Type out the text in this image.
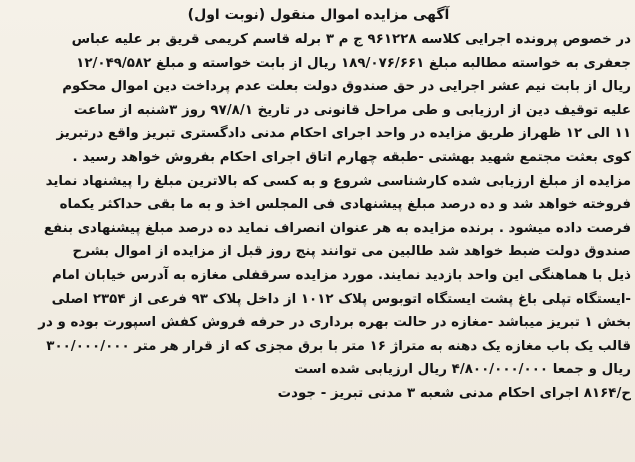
آگهی مزایده اموال منقول (نوبت اول)
در خصوص پرونده اجرایی کلاسه ۹۶۱۲۲۸ ج م ۳ برله قاسم کریمی قریق بر علیه عباس
جعفری به خواسته مطالبه مبلغ ۱۸۹/۰۷۶/۶۶۱ ریال از بابت خواسته و مبلغ ۱۲/۰۴۹/۵۸۲
ریال از بابت نیم عشر اجرایی در حق صندوق دولت بعلت عدم پرداخت دین اموال محکوم
علیه توقیف دین از ارزیابی و طی مراحل قانونی در تاریخ ۹۷/۸/۱ روز ۳شنبه از ساعت
۱۱ الی ۱۲ ظهراز طریق مزایده در واحد اجرای احکام مدنی دادگستری تبریز واقع درتبریز
کوی بعثت مجتمع شهید بهشتی -طبقه چهارم اتاق اجرای احکام بفروش خواهد رسید .
مزایده از مبلغ ارزیابی شده کارشناسی شروع و به کسی که بالاترین مبلغ را پیشنهاد نماید
فروخته خواهد شد و ده درصد مبلغ پیشنهادی فی المجلس اخذ و به ما بقی حداکثر یکماه
فرصت داده میشود . برنده مزایده به هر عنوان انصراف نماید ده درصد مبلغ پیشنهادی بنفع
صندوق دولت ضبط خواهد شد طالبین می توانند پنج روز قبل از مزایده از اموال بشرح
ذیل با هماهنگی این واحد بازدید نمایند. مورد مزایده سرقفلی مغازه به آدرس خیابان امام
-ایستگاه تپلی باغ پشت ایستگاه اتوبوس پلاک ۱۰۱۲ از داخل پلاک ۹۳ فرعی از ۲۳۵۴ اصلی
بخش ۱ تبریز میباشد -مغازه در حالت بهره برداری در حرفه فروش کفش اسپورت بوده و در
قالب یک باب مغازه یک دهنه به متراژ ۱۶ متر با برق مجزی که از قرار هر متر ۳۰۰/۰۰۰/۰۰۰
ریال و جمعا ۴/۸۰۰/۰۰۰/۰۰۰ ریال ارزیابی شده است
ح/۸۱۶۴ اجرای احکام مدنی شعبه ۳ مدنی تبریز - جودت
